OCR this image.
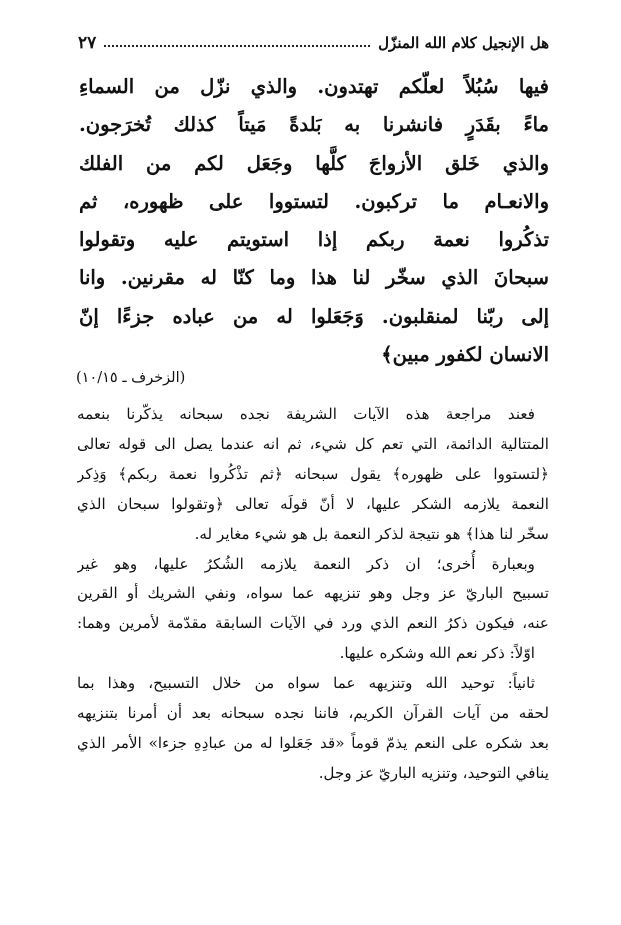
هل الإنجيل كلام الله المنزّل
٢٧
فيها سُبُلاً لعلّكم تهتدون. والذي نزّل من السماءِ
ماءً بقَدَرٍ فانشرنا به بَلدةً مَيتاً كذلك تُخرَجون.
والذي خَلق الأزواجَ كلَّها وجَعَل لكم من الفلك
والانعـام ما تركبون. لتستووا على ظهوره، ثم
تذكُروا نعمة ربكم إذا استويتم عليه وتقولوا
سبحانَ الذي سخّر لنا هذا وما كنّا له مقرنين. وانا
إلى ربّنا لمنقلبون. وَجَعَلوا له من عباده جزءًا إنّ
الانسان لكفور مبين﴾
(الزخرف ـ ١٠/١٥)
فعند مراجعة هذه الآيات الشريفة نجده سبحانه يذكّرنا بنعمه
المتتالية الدائمة، التي تعم كل شيء، ثم انه عندما يصل الى قوله تعالى
﴿لتستووا على ظهوره﴾ يقول سبحانه ﴿ثم تذْكُروا نعمة ربكم﴾ وَذِكر
النعمة يلازمه الشكر عليها، لا أنّ قولَه تعالى ﴿وتقولوا سبحان الذي
سخّر لنا هذا﴾ هو نتيجة لذكر النعمة بل هو شيء مغاير له.
وبعبارة أُخرى؛ ان ذكر النعمة يلازمه الشُكرُ عليها، وهو غير
تسبيح الباريّ عز وجل وهو تنزيهه عما سواه، ونفي الشريك أو القرين
عنه، فيكون ذكرُ النعم الذي ورد في الآيات السابقة مقدّمة لأمرين وهما:
اوّلاً: ذكر نعم الله وشكره عليها.
ثانياً: توحيد الله وتنزيهه عما سواه من خلال التسبيح، وهذا بما
لحقه من آيات القرآن الكريم، فاننا نجده سبحانه بعد أن أمرنا بتنزيهه
بعد شكره على النعم يذمّ قوماً «قد جَعَلوا له من عبادِهِ جزءا» الأمر الذي
ينافي التوحيد، وتنزيه الباريّ عز وجل.
